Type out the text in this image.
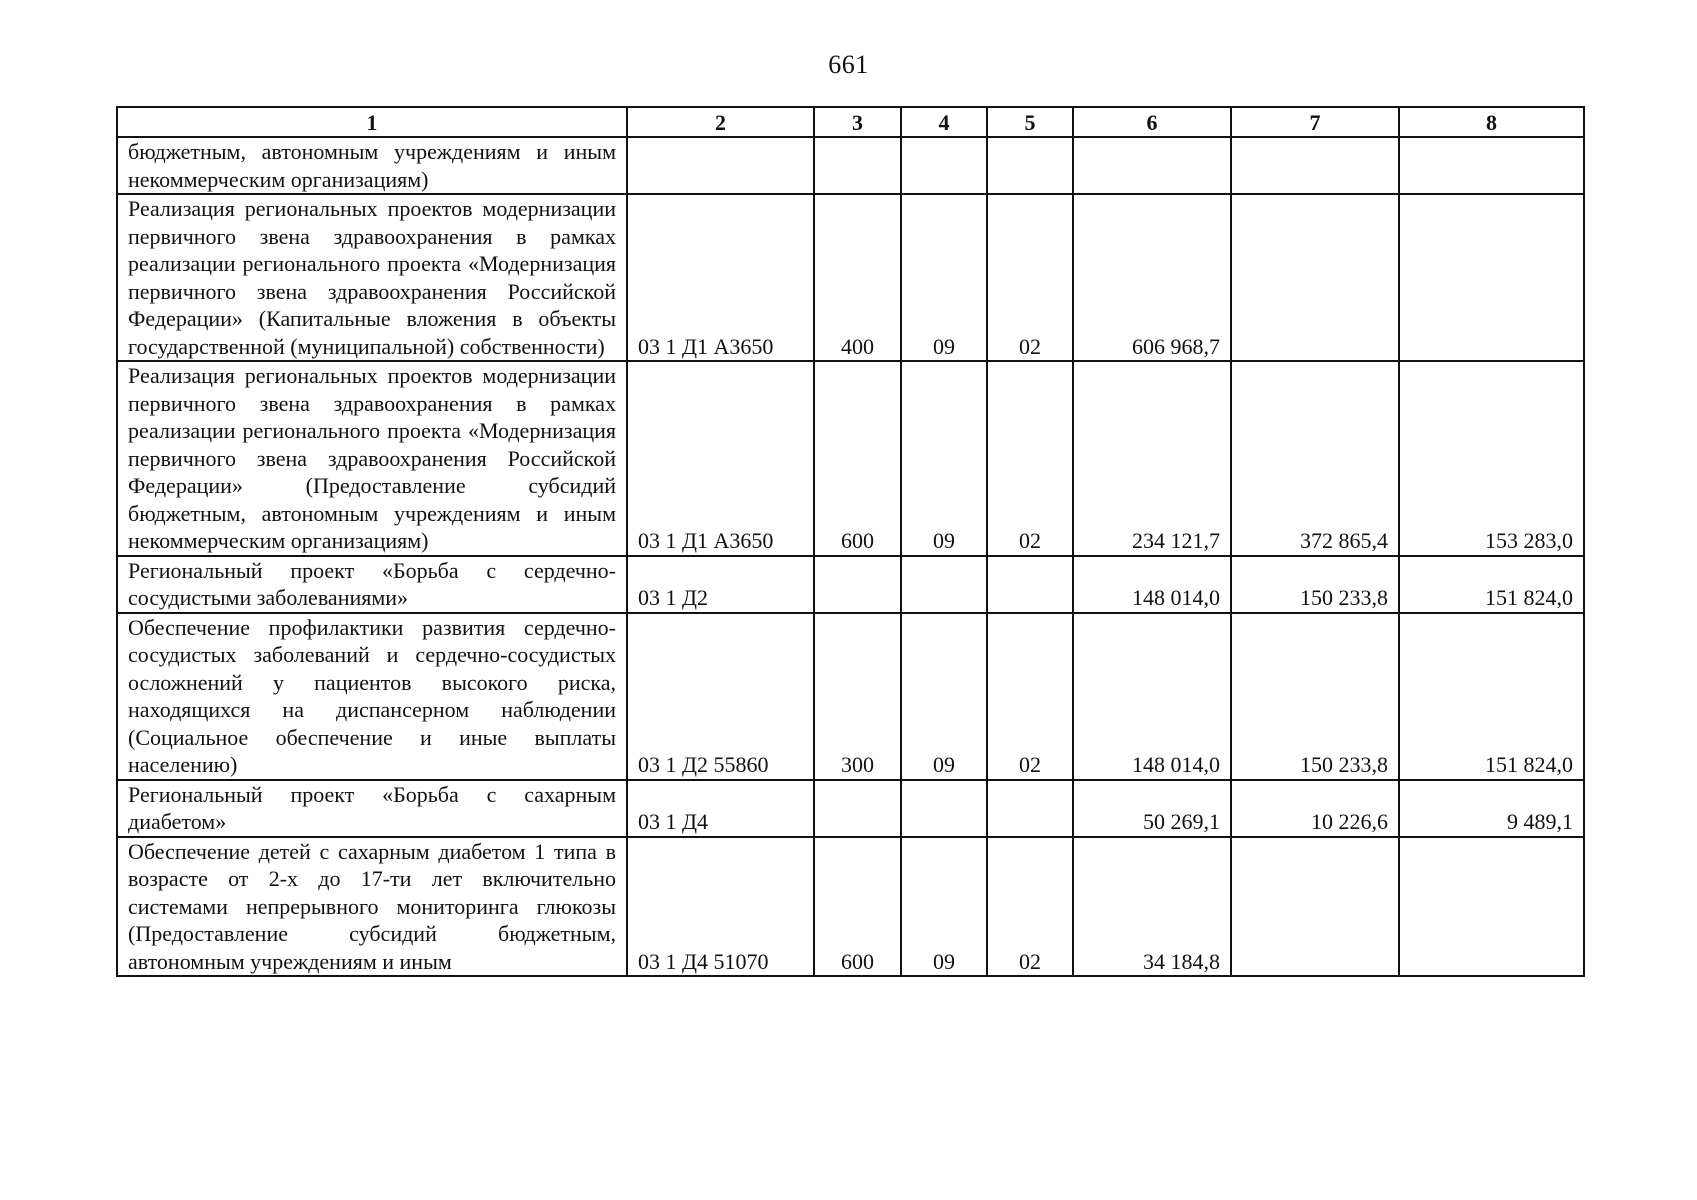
661
1	2	3	4	5	6	7	8
бюджетным, автономным учреждениям и иным некоммерческим организациям)							
Реализация региональных проектов модернизации первичного звена здравоохранения в рамках реализации регионального проекта «Модернизация первичного звена здравоохранения Российской Федерации» (Капитальные вложения в объекты государственной (муниципальной) собственности)	03 1 Д1 А3650	400	09	02	606 968,7		
Реализация региональных проектов модернизации первичного звена здравоохранения в рамках реализации регионального проекта «Модернизация первичного звена здравоохранения Российской Федерации» (Предоставление субсидий бюджетным, автономным учреждениям и иным некоммерческим организациям)	03 1 Д1 А3650	600	09	02	234 121,7	372 865,4	153 283,0
Региональный проект «Борьба с сердечно-сосудистыми заболеваниями»	03 1 Д2				148 014,0	150 233,8	151 824,0
Обеспечение профилактики развития сердечно-сосудистых заболеваний и сердечно-сосудистых осложнений у пациентов высокого риска, находящихся на диспансерном наблюдении (Социальное обеспечение и иные выплаты населению)	03 1 Д2 55860	300	09	02	148 014,0	150 233,8	151 824,0
Региональный проект «Борьба с сахарным диабетом»	03 1 Д4				50 269,1	10 226,6	9 489,1
Обеспечение детей с сахарным диабетом 1 типа в возрасте от 2-х до 17-ти лет включительно системами непрерывного мониторинга глюкозы (Предоставление субсидий бюджетным, автономным учреждениям и иным	03 1 Д4 51070	600	09	02	34 184,8		
